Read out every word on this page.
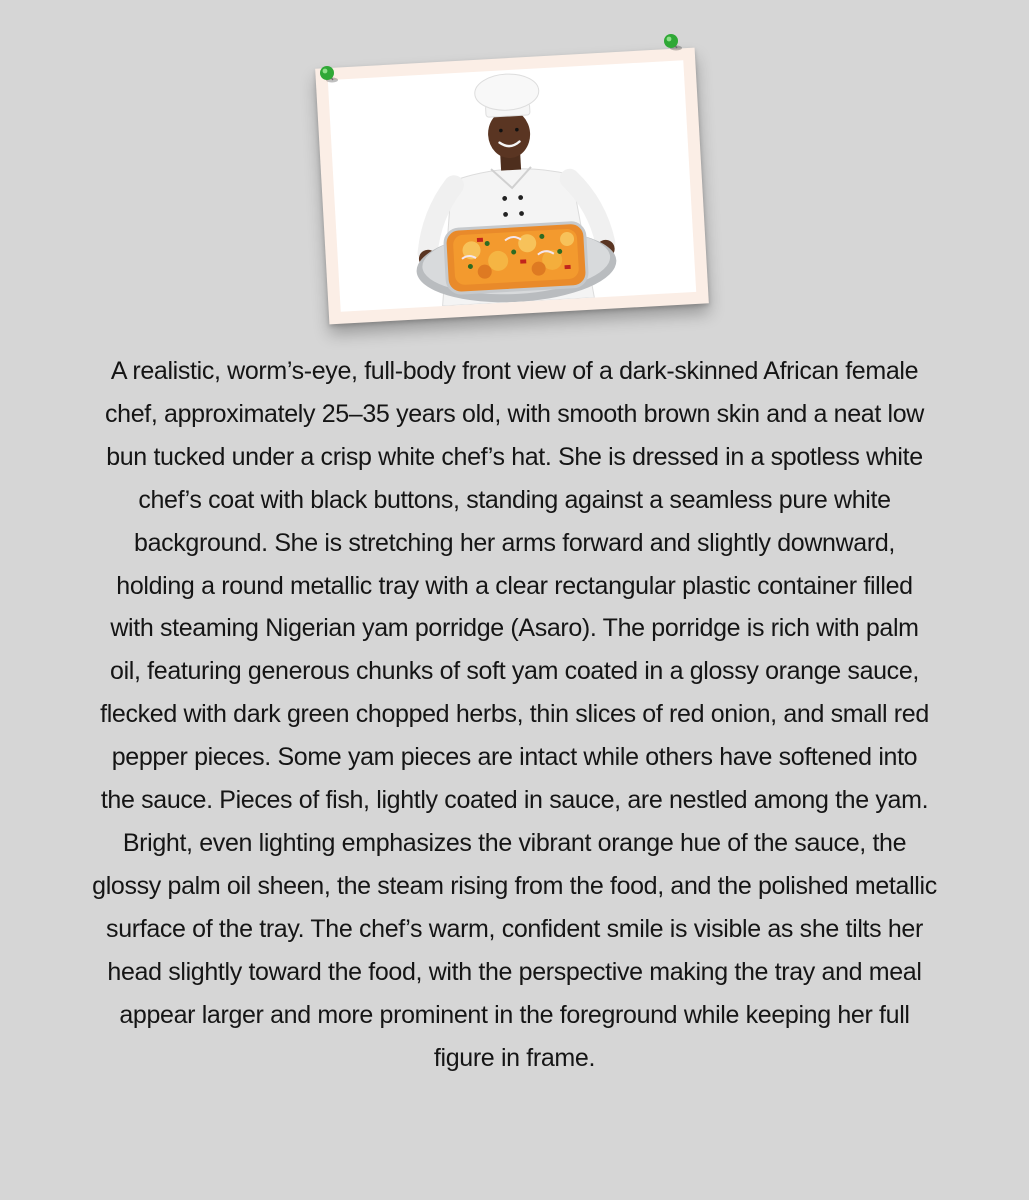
A realistic, worm’s-eye, full-body front view of a dark-skinned African female chef, approximately 25–35 years old, with smooth brown skin and a neat low bun tucked under a crisp white chef’s hat. She is dressed in a spotless white chef’s coat with black buttons, standing against a seamless pure white background. She is stretching her arms forward and slightly downward, holding a round metallic tray with a clear rectangular plastic container filled with steaming Nigerian yam porridge (Asaro). The porridge is rich with palm oil, featuring generous chunks of soft yam coated in a glossy orange sauce, flecked with dark green chopped herbs, thin slices of red onion, and small red pepper pieces. Some yam pieces are intact while others have softened into the sauce. Pieces of fish, lightly coated in sauce, are nestled among the yam. Bright, even lighting emphasizes the vibrant orange hue of the sauce, the glossy palm oil sheen, the steam rising from the food, and the polished metallic surface of the tray. The chef’s warm, confident smile is visible as she tilts her head slightly toward the food, with the perspective making the tray and meal appear larger and more prominent in the foreground while keeping her full figure in frame.
